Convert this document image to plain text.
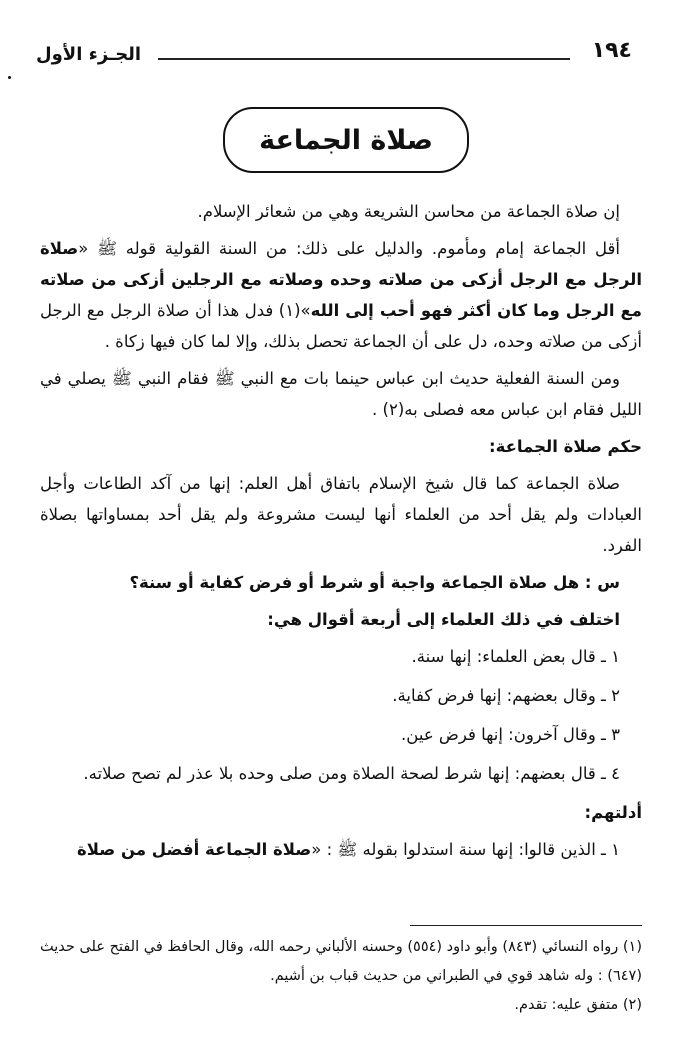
١٩٤
الجـزء الأول
صلاة الجماعة

إن صلاة الجماعة من محاسن الشريعة وهي من شعائر الإسلام.

أقل الجماعة إمام ومأموم. والدليل على ذلك: من السنة القولية قوله ﷺ «صلاة الرجل مع الرجل أزكى من صلاته وحده وصلاته مع الرجلين أزكى من صلاته مع الرجل وما كان أكثر فهو أحب إلى الله»(١) فدل هذا أن صلاة الرجل مع الرجل أزكى من صلاته وحده، دل على أن الجماعة تحصل بذلك، وإلا لما كان فيها زكاة .

ومن السنة الفعلية حديث ابن عباس حينما بات مع النبي ﷺ فقام النبي ﷺ يصلي في الليل فقام ابن عباس معه فصلى به(٢) .

حكم صلاة الجماعة:

صلاة الجماعة كما قال شيخ الإسلام باتفاق أهل العلم: إنها من آكد الطاعات وأجل العبادات ولم يقل أحد من العلماء أنها ليست مشروعة ولم يقل أحد بمساواتها بصلاة الفرد.

س : هل صلاة الجماعة واجبة أو شرط أو فرض كفاية أو سنة؟

اختلف في ذلك العلماء إلى أربعة أقوال هي:

١ ـ قال بعض العلماء: إنها سنة.

٢ ـ وقال بعضهم: إنها فرض كفاية.

٣ ـ وقال آخرون: إنها فرض عين.

٤ ـ قال بعضهم: إنها شرط لصحة الصلاة ومن صلى وحده بلا عذر لم تصح صلاته.

أدلتهم:

١ ـ الذين قالوا: إنها سنة استدلوا بقوله ﷺ : «صلاة الجماعة أفضل من صلاة

(١) رواه النسائي (٨٤٣) وأبو داود (٥٥٤) وحسنه الألباني رحمه الله، وقال الحافظ في الفتح على حديث (٦٤٧) : وله شاهد قوي في الطبراني من حديث قباب بن أشيم.

(٢) متفق عليه: تقدم.
